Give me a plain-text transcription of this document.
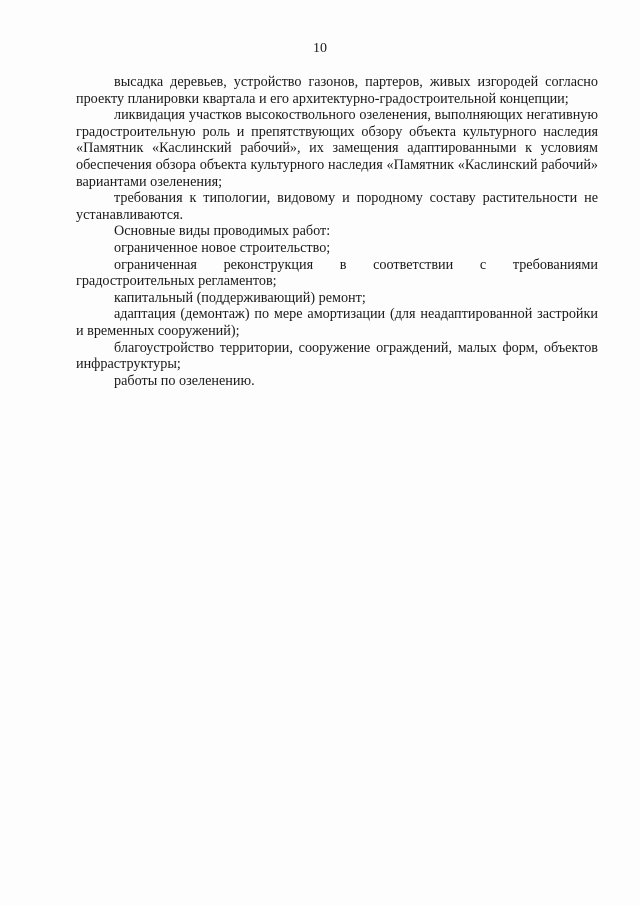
10

высадка деревьев, устройство газонов, партеров, живых изгородей согласно проекту планировки квартала и его архитектурно-градостроительной концепции;

ликвидация участков высокоствольного озеленения, выполняющих негативную градостроительную роль и препятствующих обзору объекта культурного наследия «Памятник «Каслинский рабочий», их замещения адаптированными к условиям обеспечения обзора объекта культурного наследия «Памятник «Каслинский рабочий» вариантами озеленения;

требования к типологии, видовому и породному составу растительности не устанавливаются.

Основные виды проводимых работ:

ограниченное новое строительство;

ограниченная реконструкция в соответствии с требованиями градостроительных регламентов;

капитальный (поддерживающий) ремонт;

адаптация (демонтаж) по мере амортизации (для неадаптированной застройки и временных сооружений);

благоустройство территории, сооружение ограждений, малых форм, объектов инфраструктуры;

работы по озеленению.
